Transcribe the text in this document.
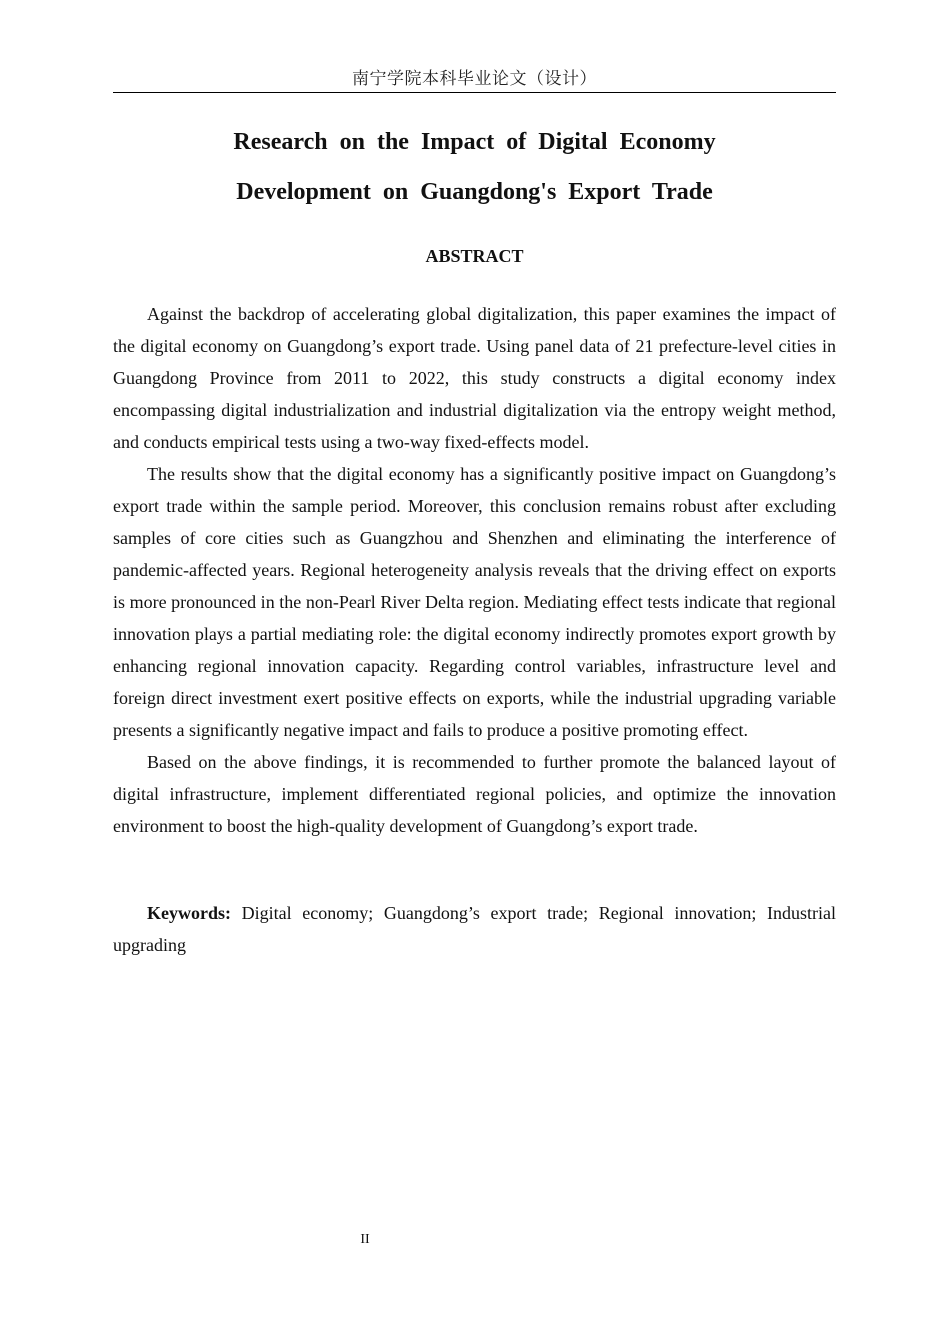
南宁学院本科毕业论文（设计）
Research on the Impact of Digital Economy
Development on Guangdong's Export Trade
ABSTRACT

Against the backdrop of accelerating global digitalization, this paper examines the impact of the digital economy on Guangdong’s export trade. Using panel data of 21 prefecture-level cities in Guangdong Province from 2011 to 2022, this study constructs a digital economy index encompassing digital industrialization and industrial digitalization via the entropy weight method, and conducts empirical tests using a two-way fixed-effects model.

The results show that the digital economy has a significantly positive impact on Guangdong’s export trade within the sample period. Moreover, this conclusion remains robust after excluding samples of core cities such as Guangzhou and Shenzhen and eliminating the interference of pandemic-affected years. Regional heterogeneity analysis reveals that the driving effect on exports is more pronounced in the non-Pearl River Delta region. Mediating effect tests indicate that regional innovation plays a partial mediating role: the digital economy indirectly promotes export growth by enhancing regional innovation capacity. Regarding control variables, infrastructure level and foreign direct investment exert positive effects on exports, while the industrial upgrading variable presents a significantly negative impact and fails to produce a positive promoting effect.

Based on the above findings, it is recommended to further promote the balanced layout of digital infrastructure, implement differentiated regional policies, and optimize the innovation environment to boost the high-quality development of Guangdong’s export trade.

Keywords: Digital economy; Guangdong’s export trade; Regional innovation; Industrial upgrading

II
